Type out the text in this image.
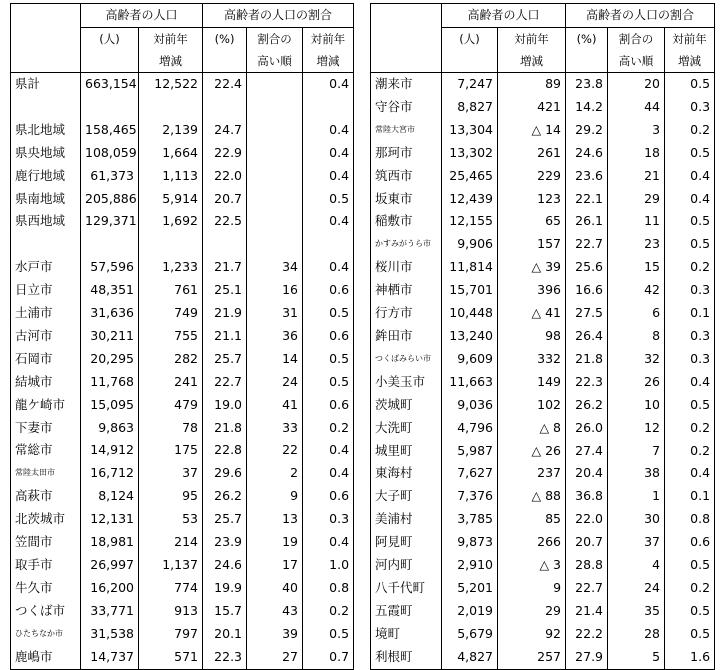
	高齢者の人口		高齢者の人口の割合		
	(人)	対前年	(%)	割合の	対前年
		増減		高い順	増減
県計	663,154	12,522	22.4		0.4

県北地域	158,465	2,139	24.7		0.4
県央地域	108,059	1,664	22.9		0.4
鹿行地域	61,373	1,113	22.0		0.4
県南地域	205,886	5,914	20.7		0.5
県西地域	129,371	1,692	22.5		0.4

水戸市	57,596	1,233	21.7	34	0.4
日立市	48,351	761	25.1	16	0.6
土浦市	31,636	749	21.9	31	0.5
古河市	30,211	755	21.1	36	0.6
石岡市	20,295	282	25.7	14	0.5
結城市	11,768	241	22.7	24	0.5
龍ケ崎市	15,095	479	19.0	41	0.6
下妻市	9,863	78	21.8	33	0.2
常総市	14,912	175	22.8	22	0.4
常陸太田市	16,712	37	29.6	2	0.4
高萩市	8,124	95	26.2	9	0.6
北茨城市	12,131	53	25.7	13	0.3
笠間市	18,981	214	23.9	19	0.4
取手市	26,997	1,137	24.6	17	1.0
牛久市	16,200	774	19.9	40	0.8
つくば市	33,771	913	15.7	43	0.2
ひたちなか市	31,538	797	20.1	39	0.5
鹿嶋市	14,737	571	22.3	27	0.7
	高齢者の人口		高齢者の人口の割合		
	(人)	対前年	(%)	割合の	対前年
		増減		高い順	増減
潮来市	7,247	89	23.8	20	0.5
守谷市	8,827	421	14.2	44	0.3
常陸大宮市	13,304	△ 14	29.2	3	0.2
那珂市	13,302	261	24.6	18	0.5
筑西市	25,465	229	23.6	21	0.4
坂東市	12,439	123	22.1	29	0.4
稲敷市	12,155	65	26.1	11	0.5
かすみがうら市	9,906	157	22.7	23	0.5
桜川市	11,814	△ 39	25.6	15	0.2
神栖市	15,701	396	16.6	42	0.3
行方市	10,448	△ 41	27.5	6	0.1
鉾田市	13,240	98	26.4	8	0.3
つくばみらい市	9,609	332	21.8	32	0.3
小美玉市	11,663	149	22.3	26	0.4
茨城町	9,036	102	26.2	10	0.5
大洗町	4,796	△ 8	26.0	12	0.2
城里町	5,987	△ 26	27.4	7	0.2
東海村	7,627	237	20.4	38	0.4
大子町	7,376	△ 88	36.8	1	0.1
美浦村	3,785	85	22.0	30	0.8
阿見町	9,873	266	20.7	37	0.6
河内町	2,910	△ 3	28.8	4	0.5
八千代町	5,201	9	22.7	24	0.2
五霞町	2,019	29	21.4	35	0.5
境町	5,679	92	22.2	28	0.5
利根町	4,827	257	27.9	5	1.6
